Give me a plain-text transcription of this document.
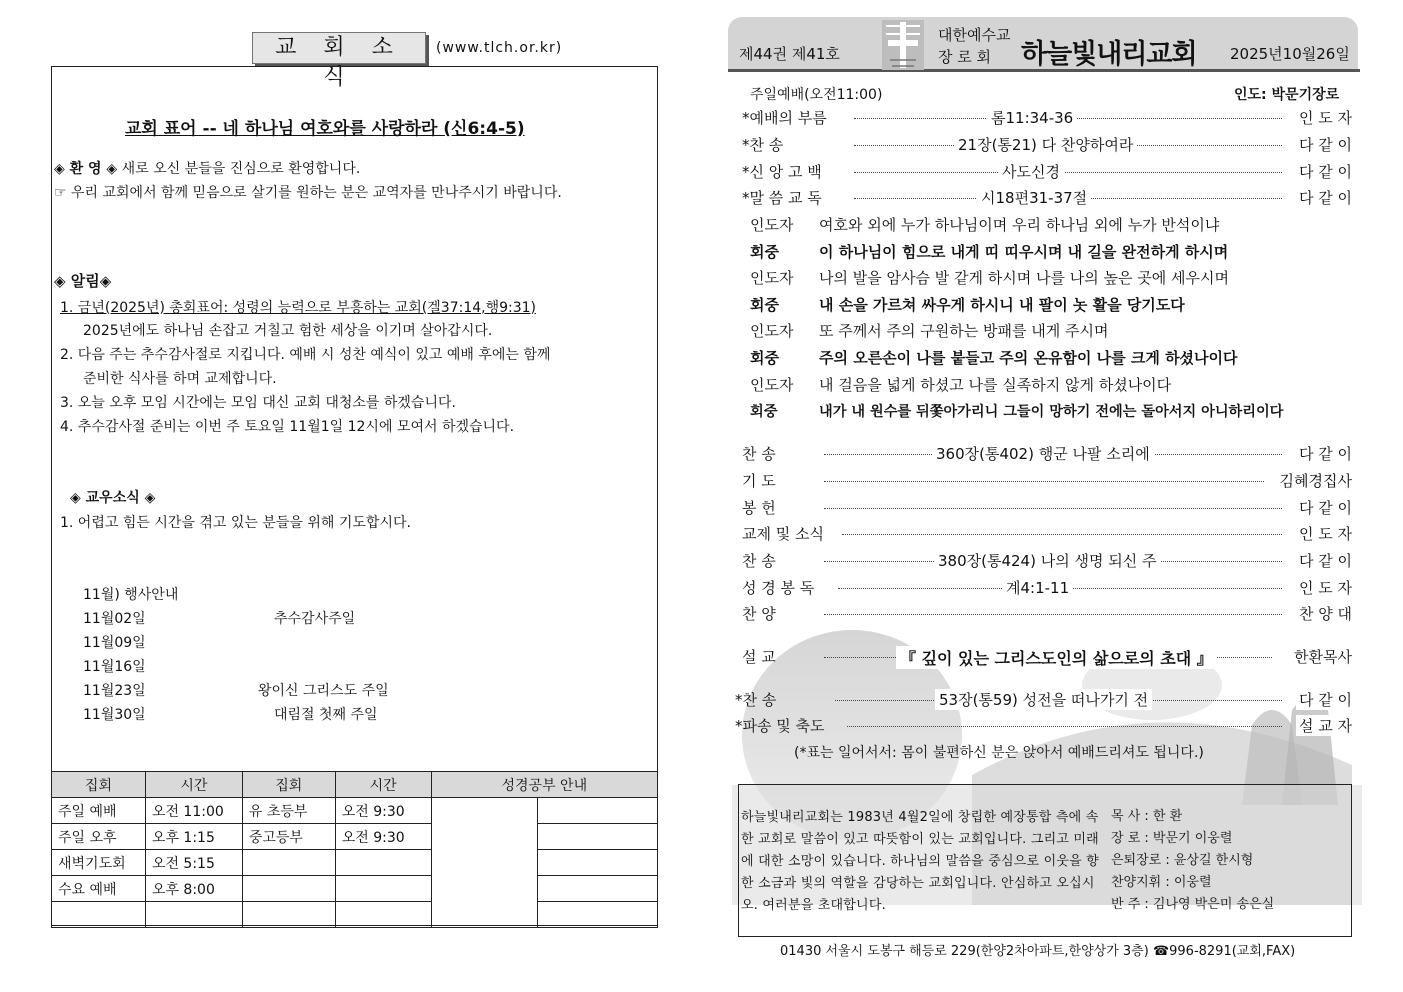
교 회 소 식
(www.tlch.or.kr)
교회 표어 -- 네 하나님 여호와를 사랑하라 (신6:4-5)
◈ 환 영 ◈ 새로 오신 분들을 진심으로 환영합니다.
☞ 우리 교회에서 함께 믿음으로 살기를 원하는 분은 교역자를 만나주시기 바랍니다.
◈ 알림◈
1. 금년(2025년) 총회표어: 성령의 능력으로 부흥하는 교회(겔37:14,행9:31)
2025년에도 하나님 손잡고 거칠고 험한 세상을 이기며 살아갑시다.
2. 다음 주는 추수감사절로 지킵니다. 예배 시 성찬 예식이 있고 예배 후에는 함께
준비한 식사를 하며 교제합니다.
3. 오늘 오후 모임 시간에는 모임 대신 교회 대청소를 하겠습니다.
4. 추수감사절 준비는 이번 주 토요일 11월1일 12시에 모여서 하겠습니다.
◈ 교우소식 ◈
1. 어렵고 힘든 시간을 겪고 있는 분들을 위해 기도합시다.
11월) 행사안내
11월02일	추수감사주일
11월09일
11월16일
11월23일	왕이신 그리스도 주일
11월30일	대림절 첫째 주일
집회	시간	집회	시간	성경공부 안내	
주일 예배	오전 11:00	유 초등부	오전 9:30		
주일 오후	오후 1:15	중고등부	오전 9:30		
새벽기도회	오전 5:15				
수요 예배	오후 8:00				

제44권 제41호
대한예수교
장 로 회	하늘빛내리교회 2025년10월26일
주일예배(오전11:00)	인도: 박문기장로
*예배의 부름	롬11:34-36	인 도 자
*찬 송	21장(통21) 다 찬양하여라	다 같 이
*신 앙 고 백	사도신경	다 같 이
*말 씀 교 독	시18편31-37절	다 같 이
인도자 여호와 외에 누가 하나님이며 우리 하나님 외에 누가 반석이냐
회중	이 하나님이 힘으로 내게 띠 띠우시며 내 길을 완전하게 하시며
인도자 나의 발을 암사슴 발 같게 하시며 나를 나의 높은 곳에 세우시며
회중	내 손을 가르쳐 싸우게 하시니 내 팔이 놋 활을 당기도다
인도자 또 주께서 주의 구원하는 방패를 내게 주시며
회중	주의 오른손이 나를 붙들고 주의 온유함이 나를 크게 하셨나이다
인도자 내 걸음을 넓게 하셨고 나를 실족하지 않게 하셨나이다
회중	내가 내 원수를 뒤쫓아가리니 그들이 망하기 전에는 돌아서지 아니하리이다
찬 송	360장(통402) 행군 나팔 소리에	다 같 이
기 도	김혜경집사
봉 헌	다 같 이
교제 및 소식	인 도 자
찬 송	380장(통424) 나의 생명 되신 주	다 같 이
성 경 봉 독	계4:1-11	인 도 자
찬 양	찬 양 대
설 교	『 깊이 있는 그리스도인의 삶으로의 초대 』	한환목사
*찬 송	53장(통59) 성전을 떠나가기 전	다 같 이
*파송 및 축도	설 교 자
(*표는 일어서서: 몸이 불편하신 분은 앉아서 예배드리셔도 됩니다.)
하늘빛내리교회는 1983년 4월2일에 창립한 예장통합 측에 속한 교회로 말씀이 있고 따뜻함이 있는 교회입니다. 그리고 미래에 대한 소망이 있습니다. 하나님의 말씀을 중심으로 이웃을 향한 소금과 빛의 역할을 감당하는 교회입니다. 안심하고 오십시오. 여러분을 초대합니다.
목 사 : 한 환
장 로 : 박문기 이웅렬
은퇴장로 : 윤상길 한시형
찬양지휘 : 이웅렬
반 주 : 김나영 박은미 송은실
01430 서울시 도봉구 해등로 229(한양2차아파트,한양상가 3층) ☎996-8291(교회,FAX)
